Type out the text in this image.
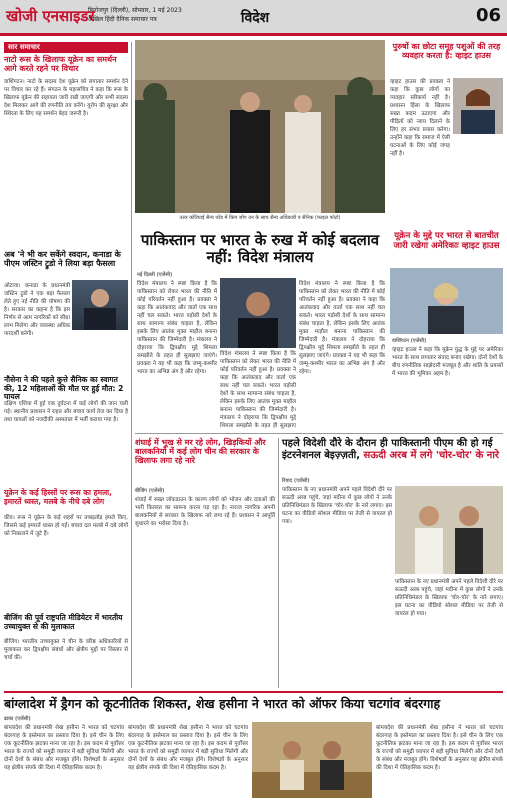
खोजी एनसाइडर
फिरोजपुर (दिल्ली), सोमवार, 1 मई 2023
अखिल हिंदी दैनिक समाचार पत्र	विदेश	06
सार समाचार
नाटो रूस के खिलाफ यूक्रेन का समर्थन आगे करते रहने पर विचार
वाशिंगटन। नाटो के सदस्य देश यूक्रेन को लगातार समर्थन देने पर विचार कर रहे हैं। संगठन के महासचिव ने कहा कि रूस के खिलाफ यूक्रेन की सहायता जारी रखी जाएगी और सभी सदस्य देश मिलकर आगे की रणनीति तय करेंगे। यूरोप की सुरक्षा और स्थिरता के लिए यह समर्थन बेहद जरूरी है।
अब 'ने भी कर सकेंगे स्वदान, कनाडा के पीएम जस्टिन ट्रुडो ने लिया बड़ा फैसला
ओटावा। कनाडा के प्रधानमंत्री जस्टिन ट्रुडो ने एक बड़ा फैसला लेते हुए नई नीति की घोषणा की है। सरकार का कहना है कि इस निर्णय से आम नागरिकों को सीधा लाभ मिलेगा और व्यवस्था अधिक पारदर्शी बनेगी।
नौसेना ने की पहले कुत्ते सैनिक का स्वागत की, 12 महिलाओं की मौत पर हुई मौत: 2 घायल
दक्षिण एशिया में हुई एक दुर्घटना में कई लोगों की जान चली गई। स्थानीय प्रशासन ने राहत और बचाव कार्य तेज कर दिया है तथा घायलों को नजदीकी अस्पताल में भर्ती कराया गया है।
यूक्रेन के कई हिस्सों पर रूस का हमला, इमारतें ध्वस्त, मलबे के नीचे दबे लोग
कीव। रूस ने यूक्रेन के कई शहरों पर ताबड़तोड़ हमले किए, जिससे कई इमारतें ध्वस्त हो गईं। बचाव दल मलबे में दबे लोगों को निकालने में जुटे हैं।
बीजिंग की पूर्व राष्ट्रपति मीडियेटर में भारतीय उच्चायुक्त से की मुलाकात
बीजिंग। भारतीय उच्चायुक्त ने चीन के वरिष्ठ अधिकारियों से मुलाकात कर द्विपक्षीय संबंधों और क्षेत्रीय मुद्दों पर विस्तार से चर्चा की।
उत्तर कोरियाई सैन्य परेड में किम जोंग उन के साथ सैन्य अधिकारी व सैनिक (फाइल फोटो)
पुरुषों का छोटा समूह पशुओं की तरह व्यवहार करता है: व्हाइट हाउस
व्हाइट हाउस की प्रवक्ता ने कहा कि कुछ लोगों का व्यवहार स्वीकार्य नहीं है। प्रशासन हिंसा के खिलाफ सख्त कदम उठाएगा और पीड़ितों को न्याय दिलाने के लिए हर संभव प्रयास करेगा। उन्होंने कहा कि समाज में ऐसी घटनाओं के लिए कोई जगह नहीं है।
पाकिस्तान पर भारत के रुख में कोई बदलाव नहीं: विदेश मंत्रालय
नई दिल्ली (एजेंसी)
विदेश मंत्रालय ने स्पष्ट किया है कि पाकिस्तान को लेकर भारत की नीति में कोई परिवर्तन नहीं हुआ है। प्रवक्ता ने कहा कि आतंकवाद और वार्ता एक साथ नहीं चल सकते। भारत पड़ोसी देशों के साथ सामान्य संबंध चाहता है, लेकिन इसके लिए आतंक मुक्त माहौल बनाना पाकिस्तान की जिम्मेदारी है। मंत्रालय ने दोहराया कि द्विपक्षीय मुद्दे शिमला समझौते के तहत ही सुलझाए जाएंगे। प्रवक्ता ने यह भी कहा कि जम्मू-कश्मीर भारत का अभिन्न अंग है और रहेगा।
विदेश मंत्रालय ने स्पष्ट किया है कि पाकिस्तान को लेकर भारत की नीति में कोई परिवर्तन नहीं हुआ है। प्रवक्ता ने कहा कि आतंकवाद और वार्ता एक साथ नहीं चल सकते। भारत पड़ोसी देशों के साथ सामान्य संबंध चाहता है, लेकिन इसके लिए आतंक मुक्त माहौल बनाना पाकिस्तान की जिम्मेदारी है। मंत्रालय ने दोहराया कि द्विपक्षीय मुद्दे शिमला समझौते के तहत ही सुलझाए
विदेश मंत्रालय ने स्पष्ट किया है कि पाकिस्तान को लेकर भारत की नीति में कोई परिवर्तन नहीं हुआ है। प्रवक्ता ने कहा कि आतंकवाद और वार्ता एक साथ नहीं चल सकते। भारत पड़ोसी देशों के साथ सामान्य संबंध चाहता है, लेकिन इसके लिए आतंक मुक्त माहौल बनाना पाकिस्तान की जिम्मेदारी है। मंत्रालय ने दोहराया कि द्विपक्षीय मुद्दे शिमला समझौते के तहत ही सुलझाए जाएंगे। प्रवक्ता ने यह भी कहा कि जम्मू-कश्मीर भारत का अभिन्न अंग है और रहेगा।
यूक्रेन के मुद्दे पर भारत से बातचीत जारी रखेगा अमेरिकाः व्हाइट हाउस
वाशिंगटन (एजेंसी)
व्हाइट हाउस ने कहा कि यूक्रेन युद्ध के मुद्दे पर अमेरिका भारत के साथ लगातार संवाद बनाए रखेगा। दोनों देशों के बीच रणनीतिक साझेदारी मजबूत है और शांति के प्रयासों में भारत की भूमिका अहम है।
शंघाई में भूख से मर रहे लोग, खिड़कियों और बालकनियों में कई लोग चीन की सरकार के खिलाफ लगा रहे नारे
बीजिंग (एजेंसी)
शंघाई में सख्त लॉकडाउन के कारण लोगों को भोजन और दवाओं की भारी किल्लत का सामना करना पड़ रहा है। नाराज नागरिक अपनी बालकनियों से सरकार के खिलाफ नारे लगा रहे हैं। प्रशासन ने आपूर्ति सुधारने का भरोसा दिया है।
पहले विदेशी दौरे के दौरान ही पाकिस्तानी पीएम की हो गई इंटरनेशनल बेइज़्ज़ती, सऊदी अरब में लगे 'चोर-चोर' के नारे
रियाद (एजेंसी)
पाकिस्तान के नए प्रधानमंत्री अपने पहले विदेशी दौरे पर सऊदी अरब पहुंचे, जहां मदीना में कुछ लोगों ने उनके प्रतिनिधिमंडल के खिलाफ 'चोर-चोर' के नारे लगाए। इस घटना का वीडियो सोशल मीडिया पर तेजी से वायरल हो गया।
पाकिस्तान के नए प्रधानमंत्री अपने पहले विदेशी दौरे पर सऊदी अरब पहुंचे, जहां मदीना में कुछ लोगों ने उनके प्रतिनिधिमंडल के खिलाफ 'चोर-चोर' के नारे लगाए। इस घटना का वीडियो सोशल मीडिया पर तेजी से वायरल हो गया।
बांग्लादेश में ड्रैगन को कूटनीतिक शिकस्त, शेख हसीना ने भारत को ऑफर किया चटगांव बंदरगाह
ढाका (एजेंसी)
बांग्लादेश की प्रधानमंत्री शेख हसीना ने भारत को चटगांव बंदरगाह के इस्तेमाल का प्रस्ताव दिया है। इसे चीन के लिए एक कूटनीतिक झटका माना जा रहा है। इस कदम से पूर्वोत्तर भारत के राज्यों को समुद्री व्यापार में बड़ी सुविधा मिलेगी और दोनों देशों के संबंध और मजबूत होंगे। विशेषज्ञों के अनुसार यह क्षेत्रीय संपर्क की दिशा में ऐतिहासिक कदम है।
बांग्लादेश की प्रधानमंत्री शेख हसीना ने भारत को चटगांव बंदरगाह के इस्तेमाल का प्रस्ताव दिया है। इसे चीन के लिए एक कूटनीतिक झटका माना जा रहा है। इस कदम से पूर्वोत्तर भारत के राज्यों को समुद्री व्यापार में बड़ी सुविधा मिलेगी और दोनों देशों के संबंध और मजबूत होंगे। विशेषज्ञों के अनुसार यह क्षेत्रीय संपर्क की दिशा में ऐतिहासिक कदम है।
बांग्लादेश की प्रधानमंत्री शेख हसीना ने भारत को चटगांव बंदरगाह के इस्तेमाल का प्रस्ताव दिया है। इसे चीन के लिए एक कूटनीतिक झटका माना जा रहा है। इस कदम से पूर्वोत्तर भारत के राज्यों को समुद्री व्यापार में बड़ी सुविधा मिलेगी और दोनों देशों के संबंध और मजबूत होंगे। विशेषज्ञों के अनुसार यह क्षेत्रीय संपर्क की दिशा में ऐतिहासिक कदम है।
